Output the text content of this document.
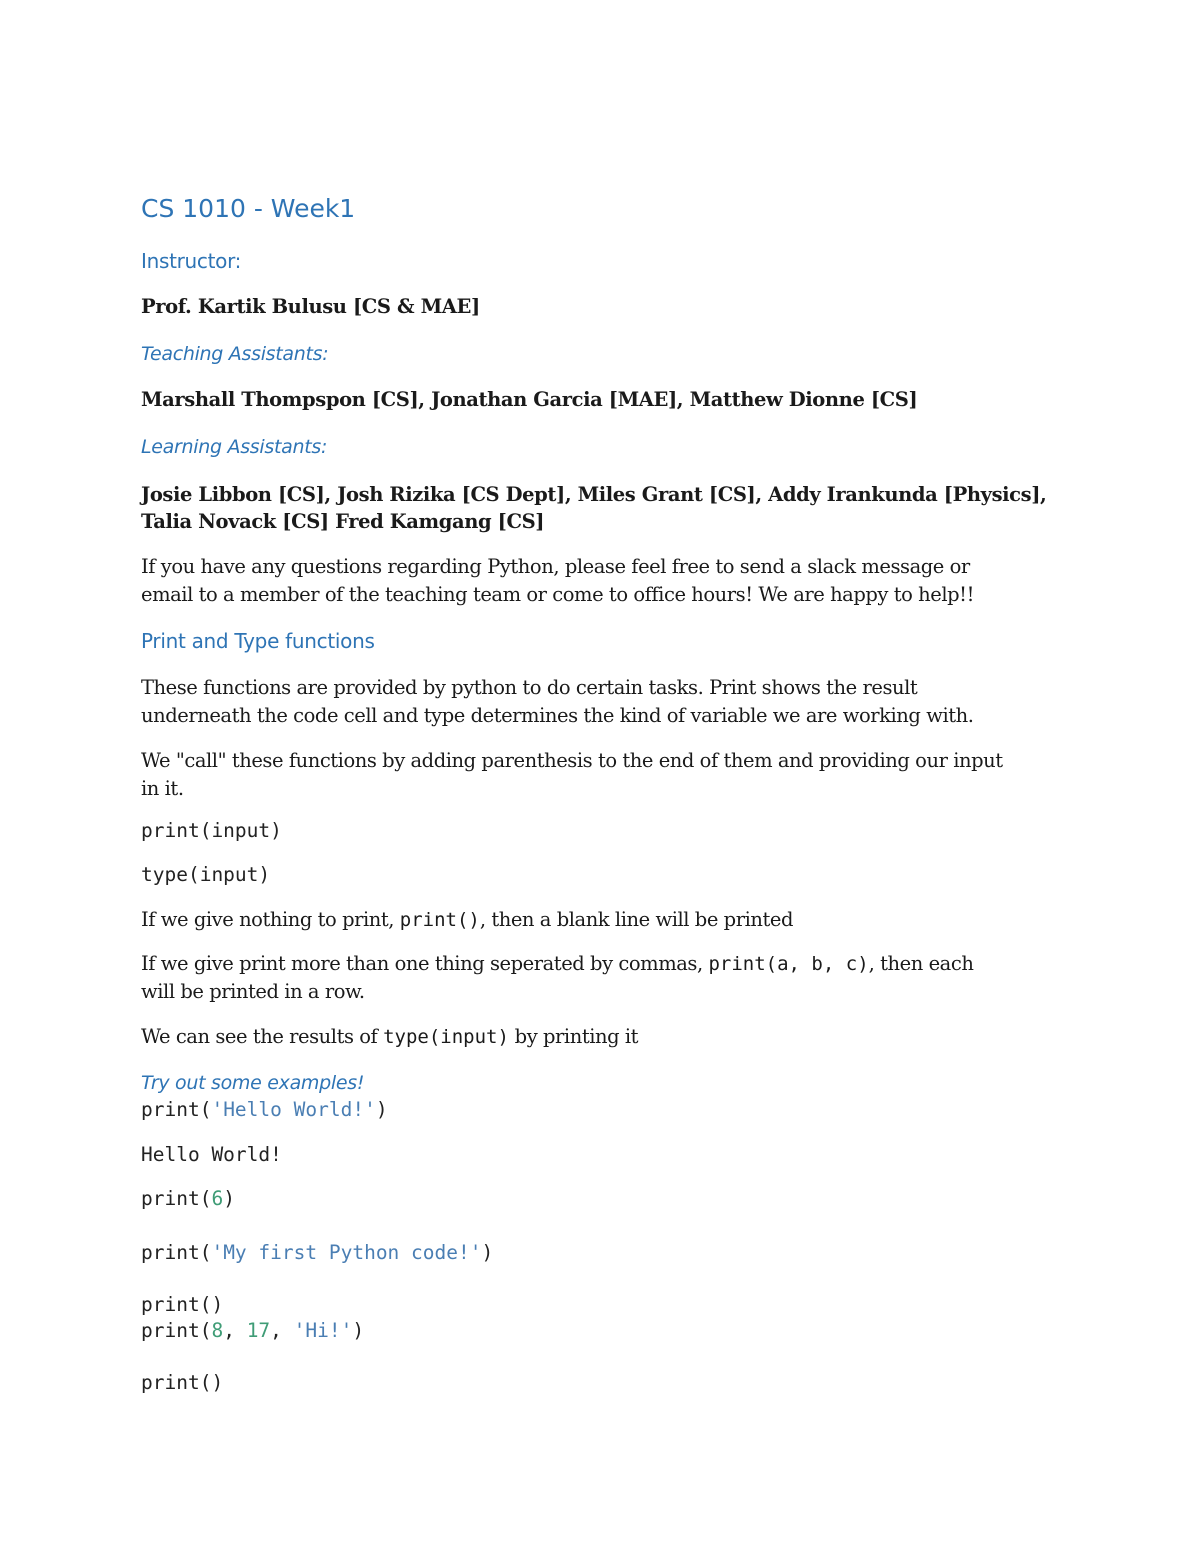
CS 1010 - Week1
Instructor:
Prof. Kartik Bulusu [CS & MAE]
Teaching Assistants:
Marshall Thompspon [CS], Jonathan Garcia [MAE], Matthew Dionne [CS]
Learning Assistants:
Josie Libbon [CS], Josh Rizika [CS Dept], Miles Grant [CS], Addy Irankunda [Physics],
Talia Novack [CS] Fred Kamgang [CS]
If you have any questions regarding Python, please feel free to send a slack message or
email to a member of the teaching team or come to office hours! We are happy to help!!
Print and Type functions
These functions are provided by python to do certain tasks. Print shows the result
underneath the code cell and type determines the kind of variable we are working with.
We "call" these functions by adding parenthesis to the end of them and providing our input
in it.
print(input)
type(input)
If we give nothing to print, print(), then a blank line will be printed
If we give print more than one thing seperated by commas, print(a, b, c), then each
will be printed in a row.
We can see the results of type(input) by printing it
Try out some examples!
print('Hello World!')
Hello World!
print(6)
print('My first Python code!')
print()
print(8, 17, 'Hi!')
print()
